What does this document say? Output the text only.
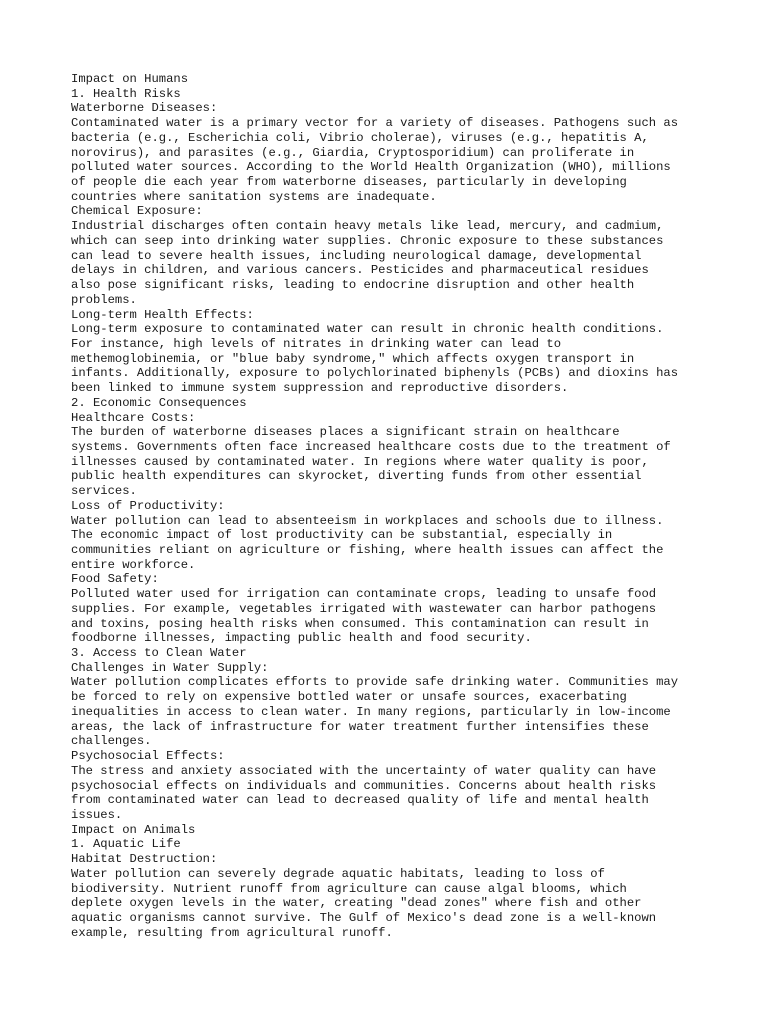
Impact on Humans
1. Health Risks
Waterborne Diseases:
Contaminated water is a primary vector for a variety of diseases. Pathogens such as
bacteria (e.g., Escherichia coli, Vibrio cholerae), viruses (e.g., hepatitis A,
norovirus), and parasites (e.g., Giardia, Cryptosporidium) can proliferate in
polluted water sources. According to the World Health Organization (WHO), millions
of people die each year from waterborne diseases, particularly in developing
countries where sanitation systems are inadequate.
Chemical Exposure:
Industrial discharges often contain heavy metals like lead, mercury, and cadmium,
which can seep into drinking water supplies. Chronic exposure to these substances
can lead to severe health issues, including neurological damage, developmental
delays in children, and various cancers. Pesticides and pharmaceutical residues
also pose significant risks, leading to endocrine disruption and other health
problems.
Long-term Health Effects:
Long-term exposure to contaminated water can result in chronic health conditions.
For instance, high levels of nitrates in drinking water can lead to
methemoglobinemia, or "blue baby syndrome," which affects oxygen transport in
infants. Additionally, exposure to polychlorinated biphenyls (PCBs) and dioxins has
been linked to immune system suppression and reproductive disorders.
2. Economic Consequences
Healthcare Costs:
The burden of waterborne diseases places a significant strain on healthcare
systems. Governments often face increased healthcare costs due to the treatment of
illnesses caused by contaminated water. In regions where water quality is poor,
public health expenditures can skyrocket, diverting funds from other essential
services.
Loss of Productivity:
Water pollution can lead to absenteeism in workplaces and schools due to illness.
The economic impact of lost productivity can be substantial, especially in
communities reliant on agriculture or fishing, where health issues can affect the
entire workforce.
Food Safety:
Polluted water used for irrigation can contaminate crops, leading to unsafe food
supplies. For example, vegetables irrigated with wastewater can harbor pathogens
and toxins, posing health risks when consumed. This contamination can result in
foodborne illnesses, impacting public health and food security.
3. Access to Clean Water
Challenges in Water Supply:
Water pollution complicates efforts to provide safe drinking water. Communities may
be forced to rely on expensive bottled water or unsafe sources, exacerbating
inequalities in access to clean water. In many regions, particularly in low-income
areas, the lack of infrastructure for water treatment further intensifies these
challenges.
Psychosocial Effects:
The stress and anxiety associated with the uncertainty of water quality can have
psychosocial effects on individuals and communities. Concerns about health risks
from contaminated water can lead to decreased quality of life and mental health
issues.
Impact on Animals
1. Aquatic Life
Habitat Destruction:
Water pollution can severely degrade aquatic habitats, leading to loss of
biodiversity. Nutrient runoff from agriculture can cause algal blooms, which
deplete oxygen levels in the water, creating "dead zones" where fish and other
aquatic organisms cannot survive. The Gulf of Mexico's dead zone is a well-known
example, resulting from agricultural runoff.
